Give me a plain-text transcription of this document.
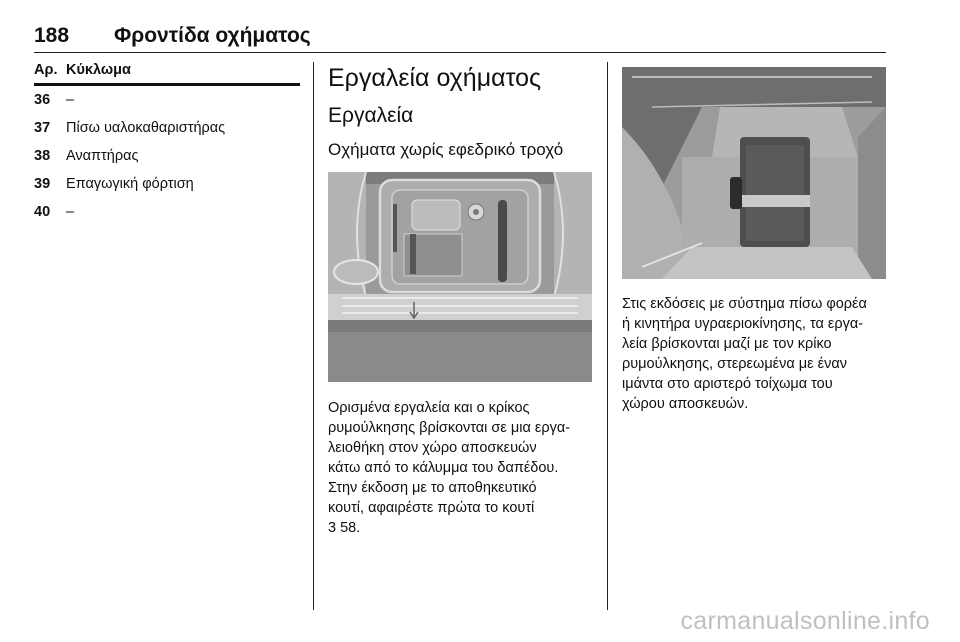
188 Φροντίδα οχήματος
Αρ. Κύκλωμα
36	–
37	Πίσω υαλοκαθαριστήρας
38	Αναπτήρας
39	Επαγωγική φόρτιση
40	–
Εργαλεία οχήματος
Εργαλεία
Οχήματα χωρίς εφεδρικό τροχό
Ορισμένα εργαλεία και ο κρίκος
ρυμούλκησης βρίσκονται σε μια εργα-
λειοθήκη στον χώρο αποσκευών
κάτω από το κάλυμμα του δαπέδου.
Στην έκδοση με το αποθηκευτικό
κουτί, αφαιρέστε πρώτα το κουτί
3 58.
Στις εκδόσεις με σύστημα πίσω φορέα
ή κινητήρα υγραεριοκίνησης, τα εργα-
λεία βρίσκονται μαζί με τον κρίκο
ρυμούλκησης, στερεωμένα με έναν
ιμάντα στο αριστερό τοίχωμα του
χώρου αποσκευών.
carmanualsonline.info
